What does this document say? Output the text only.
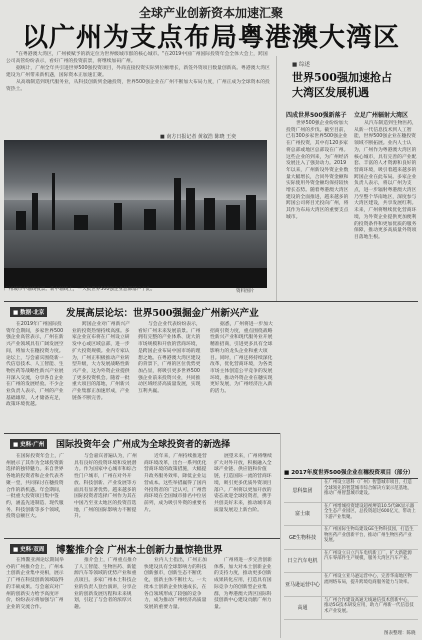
全球产业创新资本加速汇聚
以广州为支点布局粤港澳大湾区

"在粤港澳大湾区，广州被赋予的新定位为世界级城市群的核心城市。"在2019中国广州国际投资年会全体大会上，跨国公司高管纷纷表示，看好广州的投资前景，将继续加码广州。

据统计，广州全年共引进世界500强投资项目，外商直接投资实际到位额增长，新签外资项目数量创新高。粤港澳大湾区建设为广州带来新机遇，国际资本正加速汇聚。

从高端制造到现代服务业，从科技创新到金融投资，世界500强企业在广州不断加大布局力度，广州正成为全球资本的投资热土。

■ 南方日报记者 黄叙浩 陈晓 王奕
广州城市中轴线夜景。新中轴线上，一大批世界500强企业总部落户于此。	资料图片
■ 综述
世界500强加速抢占
大湾区发展机遇
四成世界500强新落子

世界500强企业纷纷加大投资广州的步伐。截至目前，已有300多家世界500强企业在广州投资，其中有120多家将总部或地区总部设在广州。这些企业的到来，为广州经济发展注入了强劲动力。2019年以来，广州新设外资企业数量大幅增长，合同外资金额和实际使用外资金额均保持较快增长态势。随着粤港澳大湾区建设的全面推进，越来越多的跨国公司将目光投向广州，将其作为布局大湾区的重要支点城市。

立足广州辐射大湾区

从汽车制造到生物医药，从新一代信息技术到人工智能，世界500强企业在穗投资领域不断拓展。业内人士认为，广州作为粤港澳大湾区的核心城市，具有完善的产业配套、丰富的人才资源和良好的营商环境，吸引着越来越多的跨国企业在此布局。多家企业负责人表示，将以广州为支点，进一步辐射粤港澳大湾区乃至整个华南地区，深度参与大湾区建设，共享发展红利。未来，广州将继续优化营商环境，为外资企业提供更加便利的投资条件和更加优质的服务保障，推动更多高质量外资项目落地生根。

■ 数据·北京	发展高层论坛：世界500强掘金广州新兴产业

在2019年广州国际投资年会期间，多家世界500强企业高管表示，广州在新兴产业领域具有广阔发展空间，将加大在穗投资力度。论坛上，与会嘉宾围绕新一代信息技术、人工智能、生物医药等战略性新兴产业展开深入交流，分享各自企业在广州的发展经验。不少企业负责人表示，广州的产业基础雄厚，人才储备充足，政策环境优越。

跨国企业对广州新兴产业的投资热情持续高涨。多家企业宣布将在广州设立研发中心或区域总部，进一步扩大投资规模。业内专家认为，广州正积极推动产业转型升级，大力发展战略性新兴产业，这为外资企业提供了更多投资机会。随着一批重大项目的落地，广州新兴产业集群正加速形成，产业链条不断完善。

与会企业代表纷纷表示，看好广州未来发展前景。广州拥有完整的产业体系、庞大的市场规模和开放的营商环境，是跨国企业布局中国市场的理想之地。在粤港澳大湾区建设的背景下，广州的区位优势更加凸显，将吸引更多世界500强企业前来投资兴业，共同推动区域经济高质量发展，实现互利共赢。

据悉，广州将进一步加大招商引资力度，重点围绕战略性新兴产业和现代服务业开展精准招商，引进更多具有全球影响力的龙头企业和重大项目。同时，广州还将持续深化改革，优化营商环境，为各类市场主体创造公平竞争的发展环境，推动外资企业在穗实现更好发展，为广州经济注入新的活力。

■ 史料·广州	国际投资年会 广州成为全球投资者的新选择

在国际投资年会上，广州展示了其作为全球投资新选择的独特魅力。来自世界各地的投资者和企业代表齐聚一堂，共同探讨在穗投资合作的新机遇。年会期间，一批重大投资项目集中签约，涵盖先进制造、现代服务、科技创新等多个领域，投资总额巨大。

与会嘉宾普遍认为，广州具有良好的投资环境和发展潜力。作为国家中心城市和综合性门户城市，广州在对外开放、科技创新、产业发展等方面具有显著优势。越来越多的国际投资者选择广州作为其在中国乃至亚太地区的投资首选地，广州的国际影响力不断提升。

近年来，广州持续推进营商环境改革，出台一系列优化营商环境的政策措施，大幅提升政务服务效率，降低企业运营成本。这些举措赢得了国内外投资者的广泛认可，广州营商环境在全国城市排名中位居前列，成为吸引外资的重要名片。

展望未来，广州将继续扩大对外开放，积极融入全球产业链、供应链和价值链，打造国际一流的营商环境，吸引更多优质外资项目落户。广州将以更加开放的姿态欢迎全球投资者，携手共创美好未来，推动城市高质量发展迈上新台阶。

■ 史料·双周	博鳌推介会 广州本土创新力量惊艳世界

在博鳌亚洲论坛期间举办的广州推介会上，广州本土创新企业集中亮相，展示了广州在科技创新领域取得的丰硕成果。与会嘉宾对广州的创新实力给予高度评价，纷纷表示将加强与广州企业的交流合作。

推介会上，广州重点推介了人工智能、生物医药、新能源汽车等领域的优势产业和重点项目。多家广州本土科技企业的负责人登台演讲，分享企业的创新发展历程和未来规划，引起了与会者的浓厚兴趣。

业内人士指出，广州正加快建设具有全球影响力的科技创新强市，创新生态不断优化，创新主体不断壮大。一大批本土创新企业快速成长，在各自领域形成了较强的竞争力，成为推动广州经济高质量发展的重要力量。

广州将进一步完善创新体系，加大对本土创新企业的支持力度，推动更多创新成果转化应用，打造具有国际竞争力的创新型企业集群，为粤港澳大湾区国际科技创新中心建设贡献广州力量。

■ 2017年度世界500强企业在穗投资项目（部分）
思科集团
在广州设立思科（广州）智慧城市项目，打造全球领先的智慧城市综合解决方案示范基地，推动广州智慧城市建设。
富士康
在广州增城投资建设超视堺第10.5代8K显示器全生态产业园区，总投资超过600亿元，带动上下游产业集聚。
GE生物科技
在广州国际生物岛建设GE生物科技园，打造生物医药产业创新平台，推动广州生物医药产业发展。
日立汽车电机
在广州设立日立汽车电机新工厂，扩大新能源汽车零部件生产规模，服务大湾区汽车产业。
亚马逊运营中心
在广州设立亚马逊运营中心，完善华南地区物流网络布局，提升跨境电商服务能力与效率。
高通
与广州合作建设高通无线通信技术创新中心，推动5G技术研发应用，助力广州新一代信息技术产业发展。
图表整理：陈晓
